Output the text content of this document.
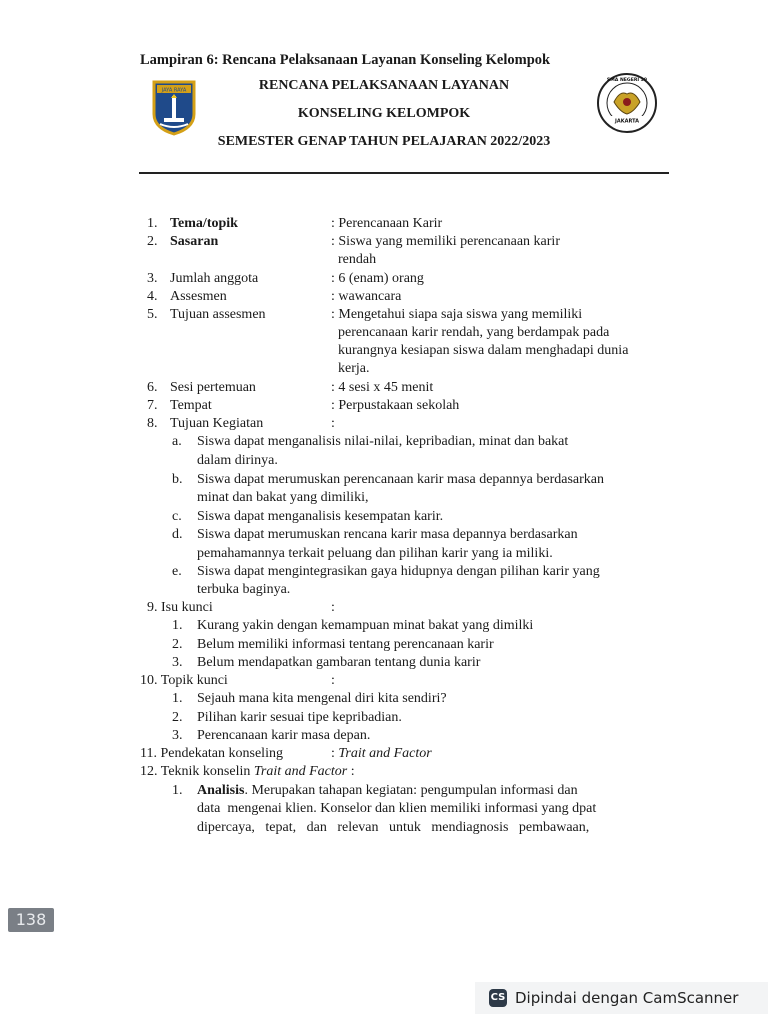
Lampiran 6: Rencana Pelaksanaan Layanan Konseling Kelompok
JAYA RAYA	RENCANA PELAKSANAAN LAYANAN
KONSELING KELOMPOK
SEMESTER GENAP TAHUN PELAJARAN 2022/2023
JAKARTA
SMA NEGERI 39
1. Tema/topik	: Perencanaan Karir
2. Sasaran	: Siswa yang memiliki perencanaan karir
rendah
3. Jumlah anggota	: 6 (enam) orang
4. Assesmen	: wawancara
5. Tujuan assesmen	: Mengetahui siapa saja siswa yang memiliki
perencanaan karir rendah, yang berdampak pada
kurangnya kesiapan siswa dalam menghadapi dunia
kerja.
6. Sesi pertemuan	: 4 sesi x 45 menit
7. Tempat	: Perpustakaan sekolah
8. Tujuan Kegiatan	:
a. Siswa dapat menganalisis nilai-nilai, kepribadian, minat dan bakat
dalam dirinya.
b. Siswa dapat merumuskan perencanaan karir masa depannya berdasarkan
minat dan bakat yang dimiliki,
c. Siswa dapat menganalisis kesempatan karir.
d. Siswa dapat merumuskan rencana karir masa depannya berdasarkan
pemahamannya terkait peluang dan pilihan karir yang ia miliki.
e. Siswa dapat mengintegrasikan gaya hidupnya dengan pilihan karir yang
terbuka baginya.
9. Isu kunci	:
1. Kurang yakin dengan kemampuan minat bakat yang dimilki
2. Belum memiliki informasi tentang perencanaan karir
3. Belum mendapatkan gambaran tentang dunia karir
10. Topik kunci	:
1. Sejauh mana kita mengenal diri kita sendiri?
2. Pilihan karir sesuai tipe kepribadian.
3. Perencanaan karir masa depan.
11. Pendekatan konseling	: Trait and Factor
12. Teknik konselin Trait and Factor :
1. Analisis. Merupakan tahapan kegiatan: pengumpulan informasi dan
data  mengenai klien. Konselor dan klien memiliki informasi yang dpat
dipercaya,   tepat,   dan   relevan   untuk   mendiagnosis   pembawaan,
138
CS Dipindai dengan CamScanner
